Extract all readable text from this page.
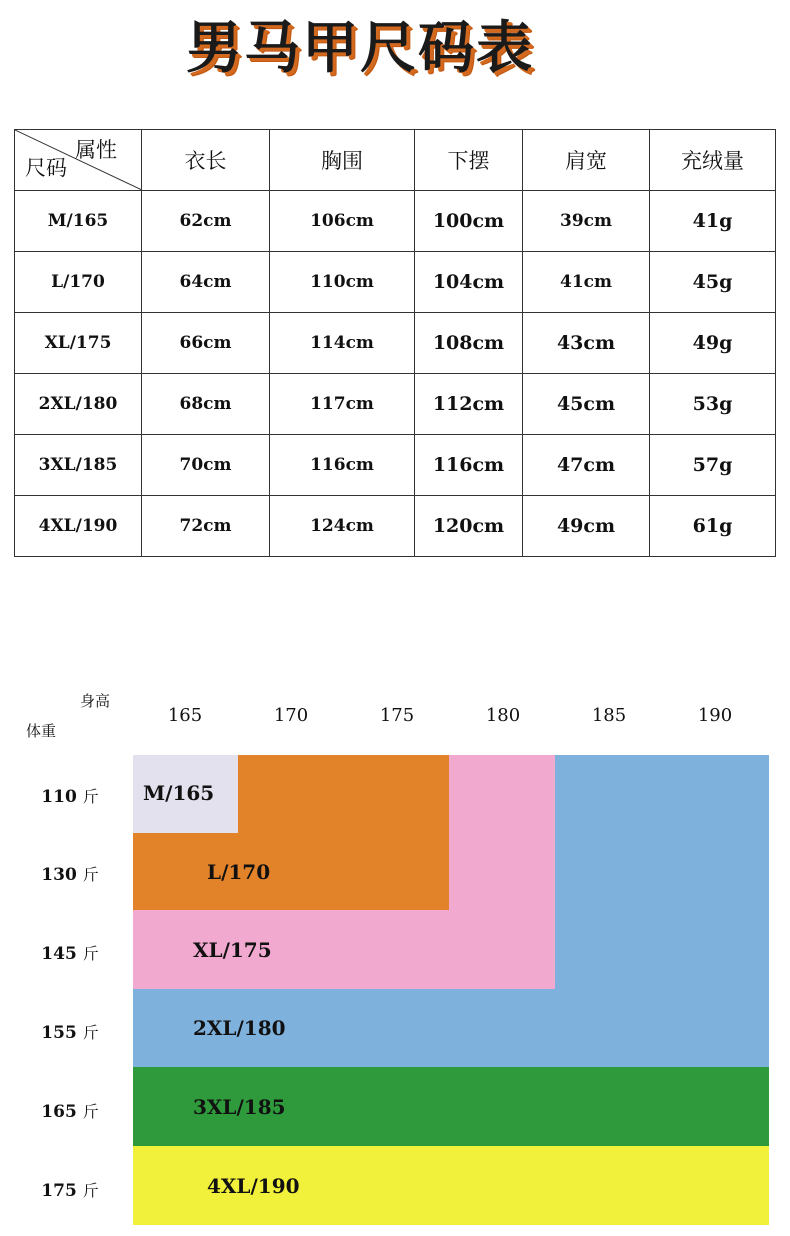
男马甲尺码表
属性
尺码	衣长	胸围	下摆	肩宽	充绒量
M/165	62cm	106cm	100cm	39cm	41g
L/170	64cm	110cm	104cm	41cm	45g
XL/175	66cm	114cm	108cm	43cm	49g
2XL/180	68cm	117cm	112cm	45cm	53g
3XL/185	70cm	116cm	116cm	47cm	57g
4XL/190	72cm	124cm	120cm	49cm	61g
身高
体重
165	170	175	180	185	190
110 斤
130 斤
145 斤
155 斤
165 斤
175 斤
M/165
L/170
XL/175
2XL/180
3XL/185
4XL/190
